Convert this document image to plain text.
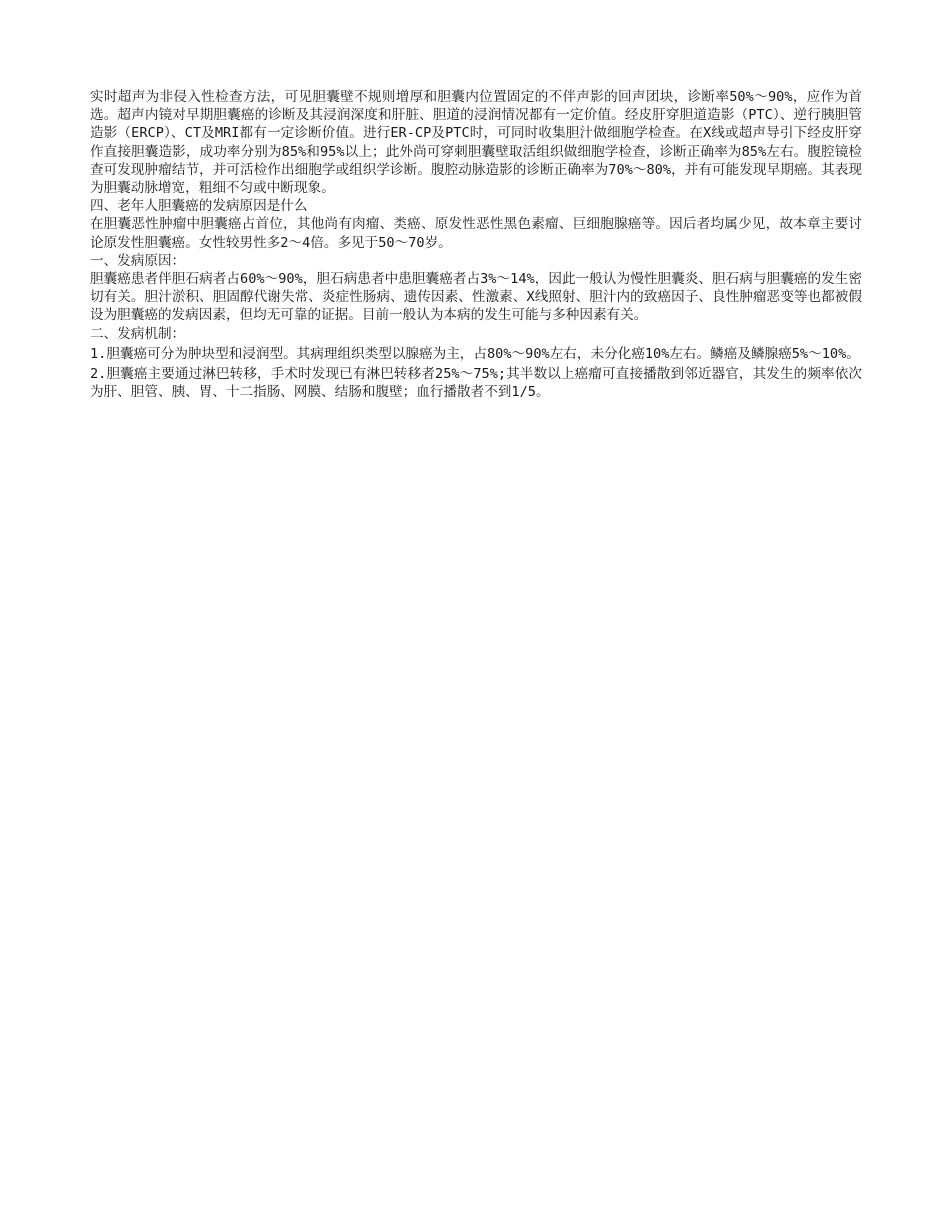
实时超声为非侵入性检查方法，可见胆囊壁不规则增厚和胆囊内位置固定的不伴声影的回声团块，诊断率50%～90%，应作为首选。超声内镜对早期胆囊癌的诊断及其浸润深度和肝脏、胆道的浸润情况都有一定价值。经皮肝穿胆道造影（PTC）、逆行胰胆管造影（ERCP）、CT及MRI都有一定诊断价值。进行ER-CP及PTC时，可同时收集胆汁做细胞学检查。在X线或超声导引下经皮肝穿作直接胆囊造影，成功率分别为85%和95%以上；此外尚可穿刺胆囊壁取活组织做细胞学检查，诊断正确率为85%左右。腹腔镜检查可发现肿瘤结节，并可活检作出细胞学或组织学诊断。腹腔动脉造影的诊断正确率为70%～80%，并有可能发现早期癌。其表现为胆囊动脉增宽，粗细不匀或中断现象。

四、老年人胆囊癌的发病原因是什么

在胆囊恶性肿瘤中胆囊癌占首位，其他尚有肉瘤、类癌、原发性恶性黑色素瘤、巨细胞腺癌等。因后者均属少见，故本章主要讨论原发性胆囊癌。女性较男性多2～4倍。多见于50～70岁。

一、发病原因：

胆囊癌患者伴胆石病者占60%～90%，胆石病患者中患胆囊癌者占3%～14%，因此一般认为慢性胆囊炎、胆石病与胆囊癌的发生密切有关。胆汁淤积、胆固醇代谢失常、炎症性肠病、遗传因素、性激素、X线照射、胆汁内的致癌因子、良性肿瘤恶变等也都被假设为胆囊癌的发病因素，但均无可靠的证据。目前一般认为本病的发生可能与多种因素有关。

二、发病机制：

1.胆囊癌可分为肿块型和浸润型。其病理组织类型以腺癌为主，占80%～90%左右，未分化癌10%左右。鳞癌及鳞腺癌5%～10%。

2.胆囊癌主要通过淋巴转移，手术时发现已有淋巴转移者25%～75%;其半数以上癌瘤可直接播散到邻近器官，其发生的频率依次为肝、胆管、胰、胃、十二指肠、网膜、结肠和腹壁；血行播散者不到1/5。
